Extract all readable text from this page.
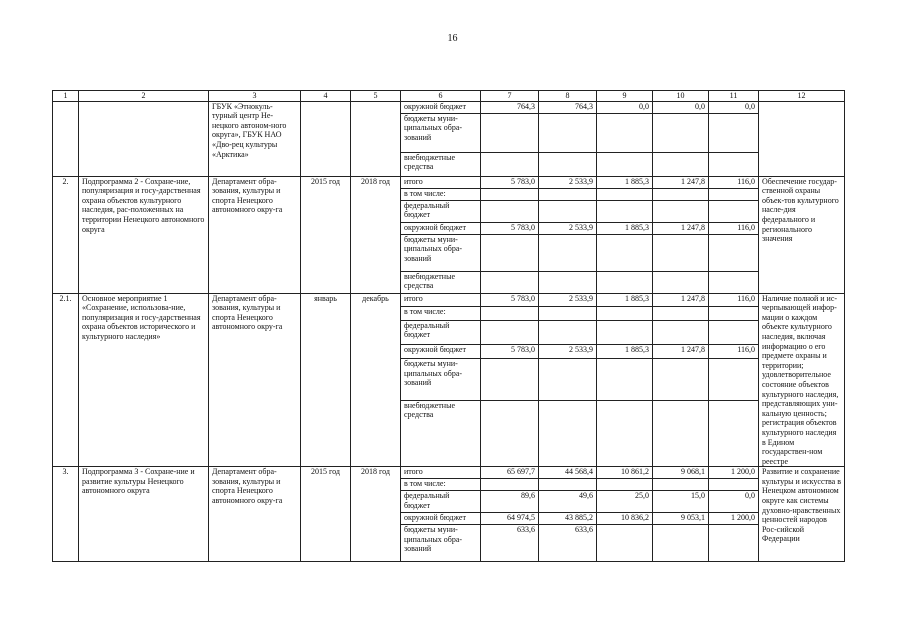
16
1	2	3	4	5	6	7	8	9	10	11	12
		ГБУК «Этнокуль-турный центр Не-нецкого автоном-ного округа», ГБУК НАО «Дво-рец культуры «Арктика»			окружной бюджет	764,3	764,3	0,0	0,0	0,0	
					бюджеты муни-ципальных обра-зований						
					внебюджетные средства						
2.	Подпрограмма 2 - Сохране-ние, популяризация и госу-дарственная охрана объектов культурного наследия, рас-положенных на территории Ненецкого автономного округа	Департамент обра-зования, культуры и спорта Ненецкого автономного окру-га	2015 год	2018 год	итого	5 783,0	2 533,9	1 885,3	1 247,8	116,0	Обеспечение государ-ственной охраны объек-тов культурного насле-дия федерального и регионального значения
					в том числе:						
					федеральный бюджет						
					окружной бюджет	5 783,0	2 533,9	1 885,3	1 247,8	116,0	
					бюджеты муни-ципальных обра-зований						
					внебюджетные средства						
2.1.	Основное мероприятие 1 «Сохранение, использова-ние, популяризация и госу-дарственная охрана объектов исторического и культурного наследия»	Департамент обра-зования, культуры и спорта Ненецкого автономного окру-га	январь	декабрь	итого	5 783,0	2 533,9	1 885,3	1 247,8	116,0	Наличие полной и ис-черпывающей инфор-мации о каждом объекте культурного наследия, включая информацию о его предмете охраны и территории; удовлетворительное состояние объектов культурного наследия, представляющих уни-кальную ценность; регистрация объектов культурного наследия в Едином государствен-ном реестре
					в том числе:						
					федеральный бюджет						
					окружной бюджет	5 783,0	2 533,9	1 885,3	1 247,8	116,0	
					бюджеты муни-ципальных обра-зований						
					внебюджетные средства						
3.	Подпрограмма 3 - Сохране-ние и развитие культуры Ненецкого автономного округа	Департамент обра-зования, культуры и спорта Ненецкого автономного окру-га	2015 год	2018 год	итого	65 697,7	44 568,4	10 861,2	9 068,1	1 200,0	Развитие и сохранение культуры и искусства в Ненецком автономном округе как системы духовно-нравственных ценностей народов Рос-сийской Федерации
					в том числе:						
					федеральный бюджет	89,6	49,6	25,0	15,0	0,0	
					окружной бюджет	64 974,5	43 885,2	10 836,2	9 053,1	1 200,0	
					бюджеты муни-ципальных обра-зований	633,6	633,6				
